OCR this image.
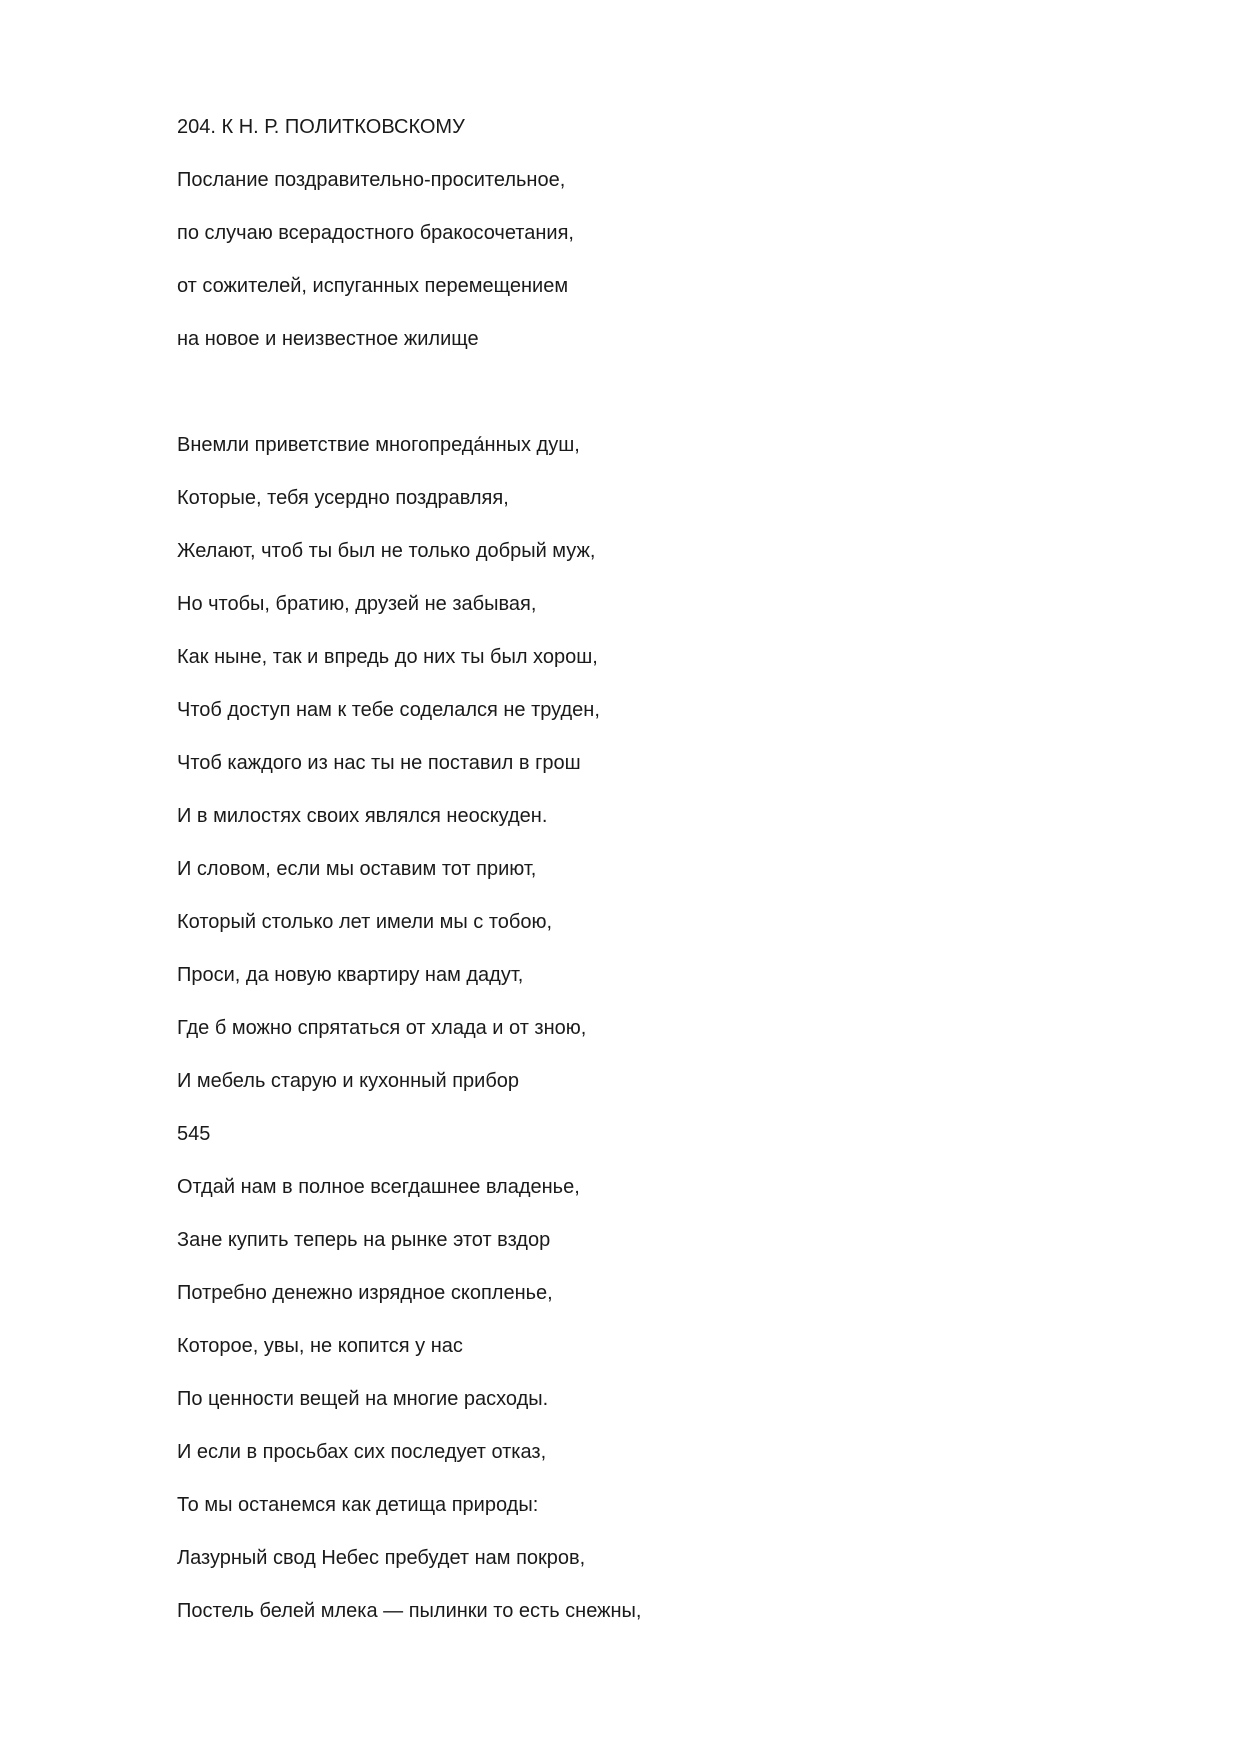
204. К Н. Р. ПОЛИТКОВСКОМУ
Послание поздравительно-просительное,
по случаю всерадостного бракосочетания,
от сожителей, испуганных перемещением
на новое и неизвестное жилище
Внемли приветствие многопреда́нных душ,
Которые, тебя усердно поздравляя,
Желают, чтоб ты был не только добрый муж,
Но чтобы, братию, друзей не забывая,
Как ныне, так и впредь до них ты был хорош,
Чтоб доступ нам к тебе соделался не труден,
Чтоб каждого из нас ты не поставил в грош
И в милостях своих являлся неоскуден.
И словом, если мы оставим тот приют,
Который столько лет имели мы с тобою,
Проси, да новую квартиру нам дадут,
Где б можно спрятаться от хлада и от зною,
И мебель старую и кухонный прибор
545
Отдай нам в полное всегдашнее владенье,
Зане купить теперь на рынке этот вздор
Потребно денежно изрядное скопленье,
Которое, увы, не копится у нас
По ценности вещей на многие расходы.
И если в просьбах сих последует отказ,
То мы останемся как детища природы:
Лазурный свод Небес пребудет нам покров,
Постель белей млека — пылинки то есть снежны,
